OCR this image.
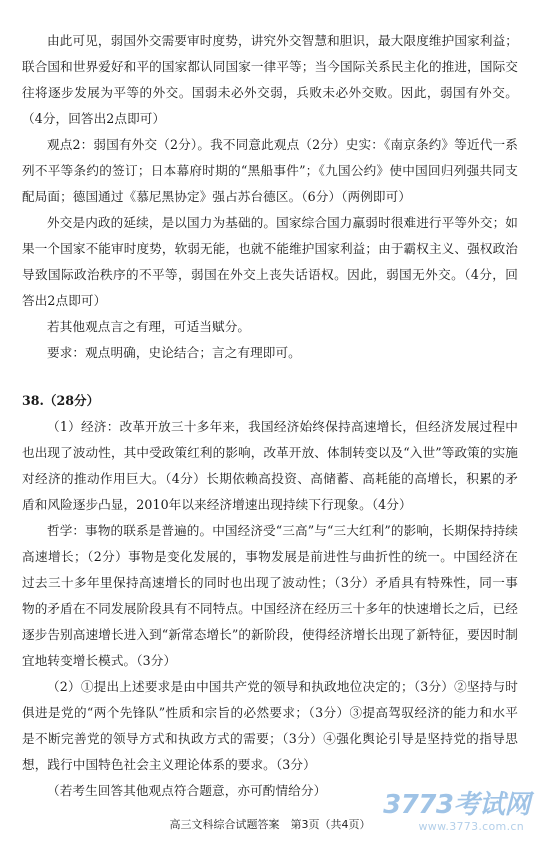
由此可见，弱国外交需要审时度势，讲究外交智慧和胆识，最大限度维护国家利益；联合国和世界爱好和平的国家都认同国家一律平等；当今国际关系民主化的推进，国际交往将逐步发展为平等的外交。国弱未必外交弱，兵败未必外交败。因此，弱国有外交。（4分，回答出2点即可）

观点2：弱国有外交（2分）。我不同意此观点（2分）史实：《南京条约》等近代一系列不平等条约的签订；日本幕府时期的“黑船事件”；《九国公约》使中国回归列强共同支配局面；德国通过《慕尼黑协定》强占苏台德区。（6分）（两例即可）

外交是内政的延续，是以国力为基础的。国家综合国力羸弱时很难进行平等外交；如果一个国家不能审时度势，软弱无能，也就不能维护国家利益；由于霸权主义、强权政治导致国际政治秩序的不平等，弱国在外交上丧失话语权。因此，弱国无外交。（4分，回答出2点即可）

若其他观点言之有理，可适当赋分。

要求：观点明确，史论结合；言之有理即可。

38.（28分）

（1）经济：改革开放三十多年来，我国经济始终保持高速增长，但经济发展过程中也出现了波动性，其中受政策红利的影响，改革开放、体制转变以及“入世”等政策的实施对经济的推动作用巨大。（4分）长期依赖高投资、高储蓄、高耗能的高增长，积累的矛盾和风险逐步凸显，2010年以来经济增速出现持续下行现象。（4分）

哲学：事物的联系是普遍的。中国经济受“三高”与“三大红利”的影响，长期保持持续高速增长；（2分）事物是变化发展的，事物发展是前进性与曲折性的统一。中国经济在过去三十多年里保持高速增长的同时也出现了波动性；（3分）矛盾具有特殊性，同一事物的矛盾在不同发展阶段具有不同特点。中国经济在经历三十多年的快速增长之后，已经逐步告别高速增长进入到“新常态增长”的新阶段，使得经济增长出现了新特征，要因时制宜地转变增长模式。（3分）

（2）①提出上述要求是由中国共产党的领导和执政地位决定的；（3分）②坚持与时俱进是党的“两个先锋队”性质和宗旨的必然要求；（3分）③提高驾驭经济的能力和水平是不断完善党的领导方式和执政方式的需要；（3分）④强化舆论引导是坚持党的指导思想，践行中国特色社会主义理论体系的要求。（3分）

（若考生回答其他观点符合题意，亦可酌情给分）

高三文科综合试题答案　第3页（共4页）
3773考试网
www.3773.com.cn
